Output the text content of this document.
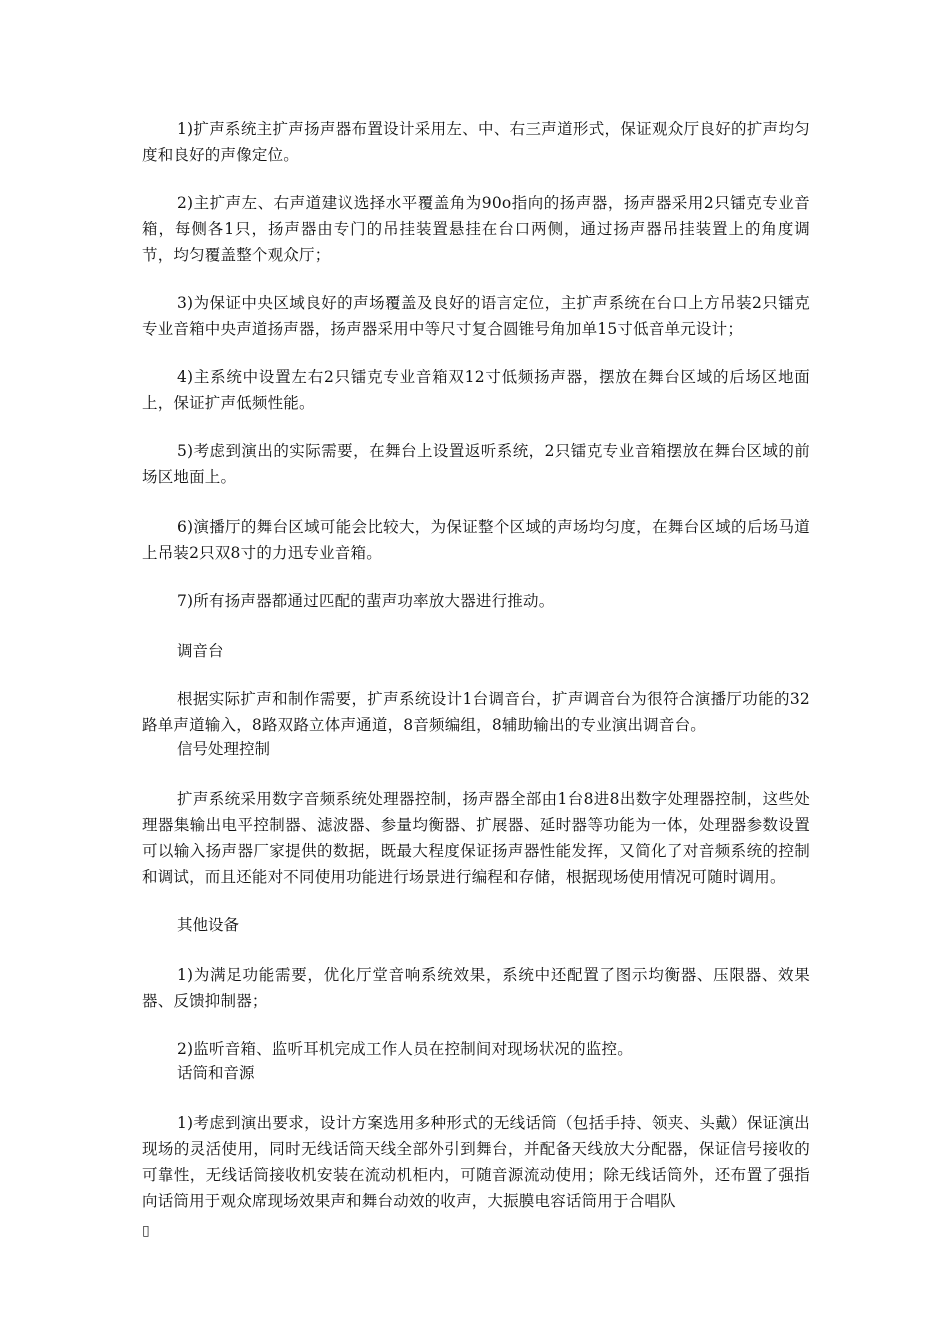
1)扩声系统主扩声扬声器布置设计采用左、中、右三声道形式，保证观众厅良好的扩声均匀度和良好的声像定位。

2)主扩声左、右声道建议选择水平覆盖角为90o指向的扬声器，扬声器采用2只镭克专业音箱，每侧各1只，扬声器由专门的吊挂装置悬挂在台口两侧，通过扬声器吊挂装置上的角度调节，均匀覆盖整个观众厅；

3)为保证中央区域良好的声场覆盖及良好的语言定位，主扩声系统在台口上方吊装2只镭克专业音箱中央声道扬声器，扬声器采用中等尺寸复合圆锥号角加单15寸低音单元设计；

4)主系统中设置左右2只镭克专业音箱双12寸低频扬声器，摆放在舞台区域的后场区地面上，保证扩声低频性能。

5)考虑到演出的实际需要，在舞台上设置返听系统，2只镭克专业音箱摆放在舞台区域的前场区地面上。

6)演播厅的舞台区域可能会比较大，为保证整个区域的声场均匀度，在舞台区域的后场马道上吊装2只双8寸的力迅专业音箱。

7)所有扬声器都通过匹配的蜚声功率放大器进行推动。

调音台

根据实际扩声和制作需要，扩声系统设计1台调音台，扩声调音台为很符合演播厅功能的32路单声道输入，8路双路立体声通道，8音频编组，8辅助输出的专业演出调音台。

信号处理控制

扩声系统采用数字音频系统处理器控制，扬声器全部由1台8进8出数字处理器控制，这些处理器集输出电平控制器、滤波器、参量均衡器、扩展器、延时器等功能为一体，处理器参数设置可以输入扬声器厂家提供的数据，既最大程度保证扬声器性能发挥，又简化了对音频系统的控制和调试，而且还能对不同使用功能进行场景进行编程和存储，根据现场使用情况可随时调用。

其他设备

1)为满足功能需要，优化厅堂音响系统效果，系统中还配置了图示均衡器、压限器、效果器、反馈抑制器；

2)监听音箱、监听耳机完成工作人员在控制间对现场状况的监控。

话筒和音源

1)考虑到演出要求，设计方案选用多种形式的无线话筒（包括手持、领夹、头戴）保证演出现场的灵活使用，同时无线话筒天线全部外引到舞台，并配备天线放大分配器，保证信号接收的可靠性，无线话筒接收机安装在流动机柜内，可随音源流动使用；除无线话筒外，还布置了强指向话筒用于观众席现场效果声和舞台动效的收声，大振膜电容话筒用于合唱队

▯
